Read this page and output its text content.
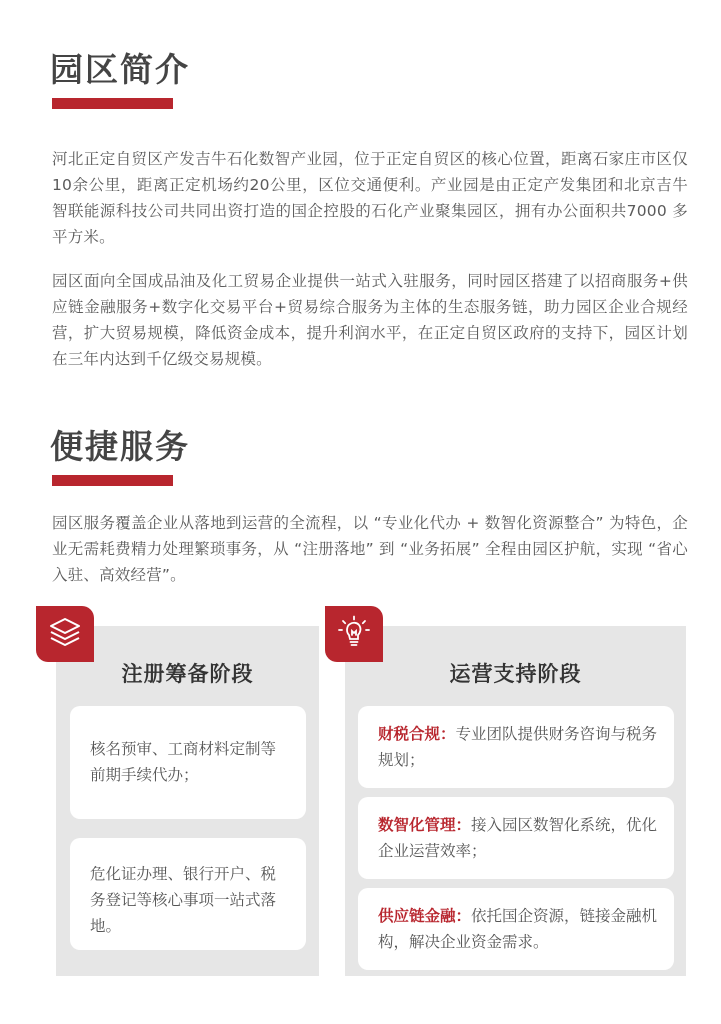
园区简介

河北正定自贸区产发吉牛石化数智产业园，位于正定自贸区的核心位置，距离石家庄市区仅10余公里，距离正定机场约20公里，区位交通便利。产业园是由正定产发集团和北京吉牛智联能源科技公司共同出资打造的国企控股的石化产业聚集园区，拥有办公面积共7000 多平方米。

园区面向全国成品油及化工贸易企业提供一站式入驻服务，同时园区搭建了以招商服务+供应链金融服务+数字化交易平台+贸易综合服务为主体的生态服务链，助力园区企业合规经营，扩大贸易规模，降低资金成本，提升利润水平，在正定自贸区政府的支持下，园区计划在三年内达到千亿级交易规模。

便捷服务

园区服务覆盖企业从落地到运营的全流程，以 “专业化代办 + 数智化资源整合” 为特色，企业无需耗费精力处理繁琐事务，从 “注册落地” 到 “业务拓展” 全程由园区护航，实现 “省心入驻、高效经营”。

注册筹备阶段

核名预审、工商材料定制等前期手续代办；

危化证办理、银行开户、税务登记等核心事项一站式落地。

运营支持阶段

财税合规：专业团队提供财务咨询与税务规划；

数智化管理：接入园区数智化系统，优化企业运营效率；

供应链金融：依托国企资源，链接金融机构，解决企业资金需求。
